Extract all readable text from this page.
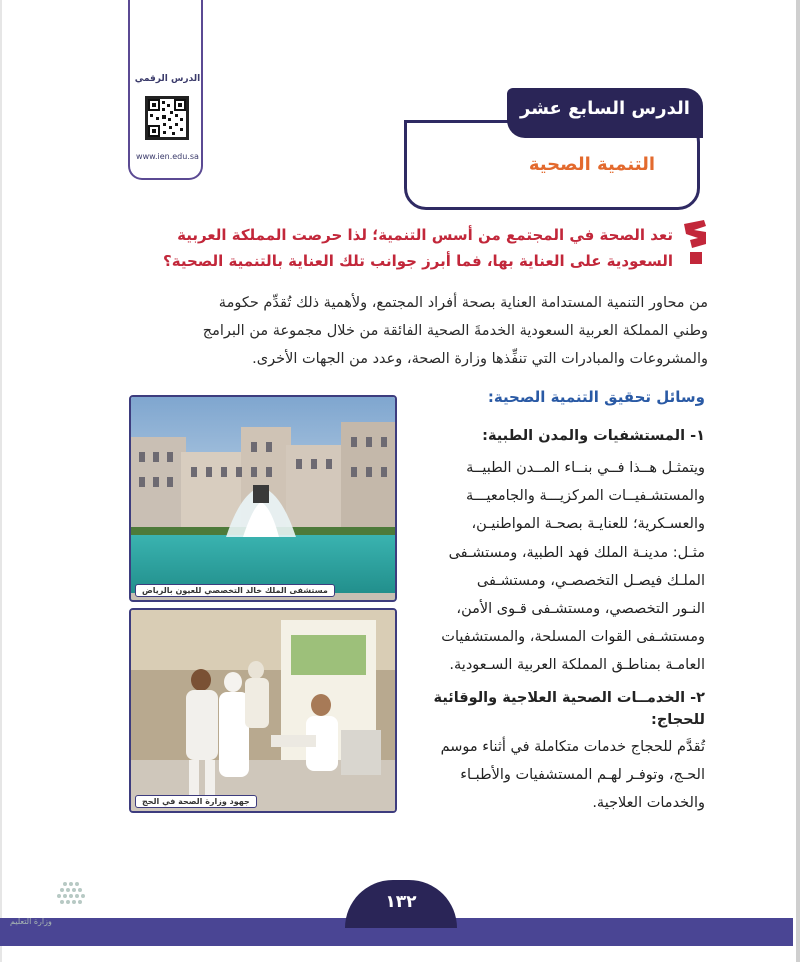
الدرس الرقمي
www.ien.edu.sa
الدرس السابع عشر
التنمية الصحية
تعد الصحة في المجتمع من أسس التنمية؛ لذا حرصت المملكة العربية
السعودية على العناية بها، فما أبرز جوانب تلك العناية بالتنمية الصحية؟
من محاور التنمية المستدامة العناية بصحة أفراد المجتمع، ولأهمية ذلك تُقدِّم حكومة
وطني المملكة العربية السعودية الخدمةَ الصحية الفائقة من خلال مجموعة من البرامج
والمشروعات والمبادرات التي تنفِّذها وزارة الصحة، وعدد من الجهات الأخرى.
وسائل تحقيق التنمية الصحية:
١- المستشفيات والمدن الطبية:
ويتمثـل هــذا فــي بنــاء المــدن الطبيــة
والمستشـفيــات المركزيـــة والجامعيـــة
والعسـكرية؛ للعنايـة بصحـة المواطنيـن،
مثـل: مدينـة الملك فهد الطبية، ومستشـفى
الملـك فيصـل التخصصـي، ومستشـفى
النـور التخصصي، ومستشـفى قـوى الأمن،
ومستشـفى القوات المسلحة، والمستشفيات
العامـة بمناطـق المملكة العربية السـعودية.
٢- الخدمــات الصحية العلاجية والوقائية
للحجاج:
تُقدَّم للحجاج خدمات متكاملة في أثناء موسم
الحـج، وتوفـر لهـم المستشفيات والأطبـاء
والخدمات العلاجية.
مستشفى الملك خالد التخصصي للعيون بالرياض
جهود وزارة الصحة في الحج
١٣٢
وزارة التعليم
